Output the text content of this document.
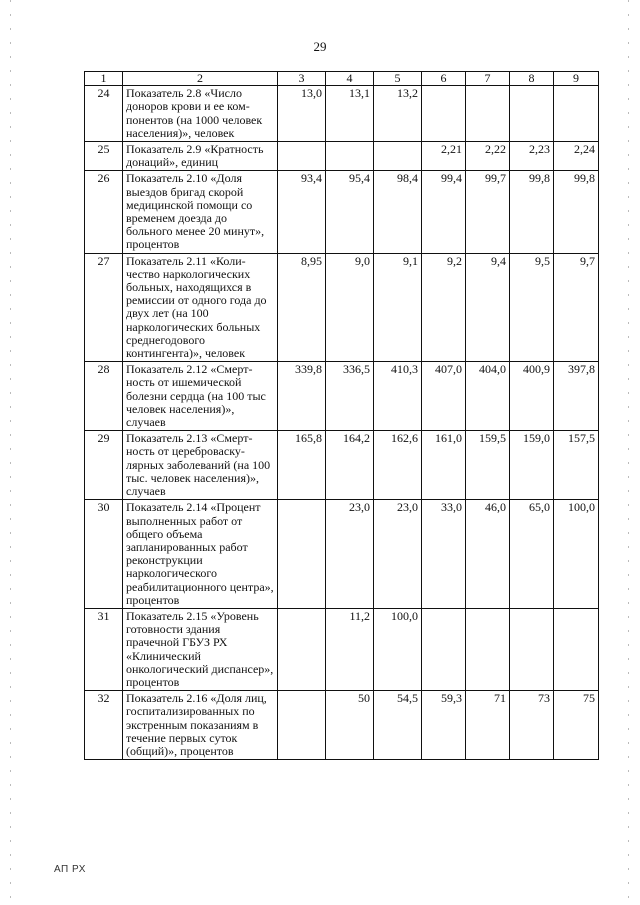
29
1	2	3	4	5	6	7	8	9
24	Показатель 2.8 «Число доноров крови и ее компонентов (на 1000 человек населения)», человек	13,0	13,1	13,2				
25	Показатель 2.9 «Кратность донаций», единиц				2,21	2,22	2,23	2,24
26	Показатель 2.10 «Доля выездов бригад скорой медицинской помощи со временем доезда до больного менее 20 минут», процентов	93,4	95,4	98,4	99,4	99,7	99,8	99,8
27	Показатель 2.11 «Количество наркологических больных, находящихся в ремиссии от одного года до двух лет (на 100 наркологических больных среднегодового контингента)», человек	8,95	9,0	9,1	9,2	9,4	9,5	9,7
28	Показатель 2.12 «Смертность от ишемической болезни сердца (на 100 тыс человек населения)», случаев	339,8	336,5	410,3	407,0	404,0	400,9	397,8
29	Показатель 2.13 «Смертность от цереброваскулярных заболеваний (на 100 тыс. человек населения)», случаев	165,8	164,2	162,6	161,0	159,5	159,0	157,5
30	Показатель 2.14 «Процент выполненных работ от общего объема запланированных работ реконструкции наркологического реабилитационного центра», процентов		23,0	23,0	33,0	46,0	65,0	100,0
31	Показатель 2.15 «Уровень готовности здания прачечной ГБУЗ РХ «Клинический онкологический диспансер», процентов		11,2	100,0				
32	Показатель 2.16 «Доля лиц, госпитализированных по экстренным показаниям в течение первых суток (общий)», процентов		50	54,5	59,3	71	73	75
АП РХ
